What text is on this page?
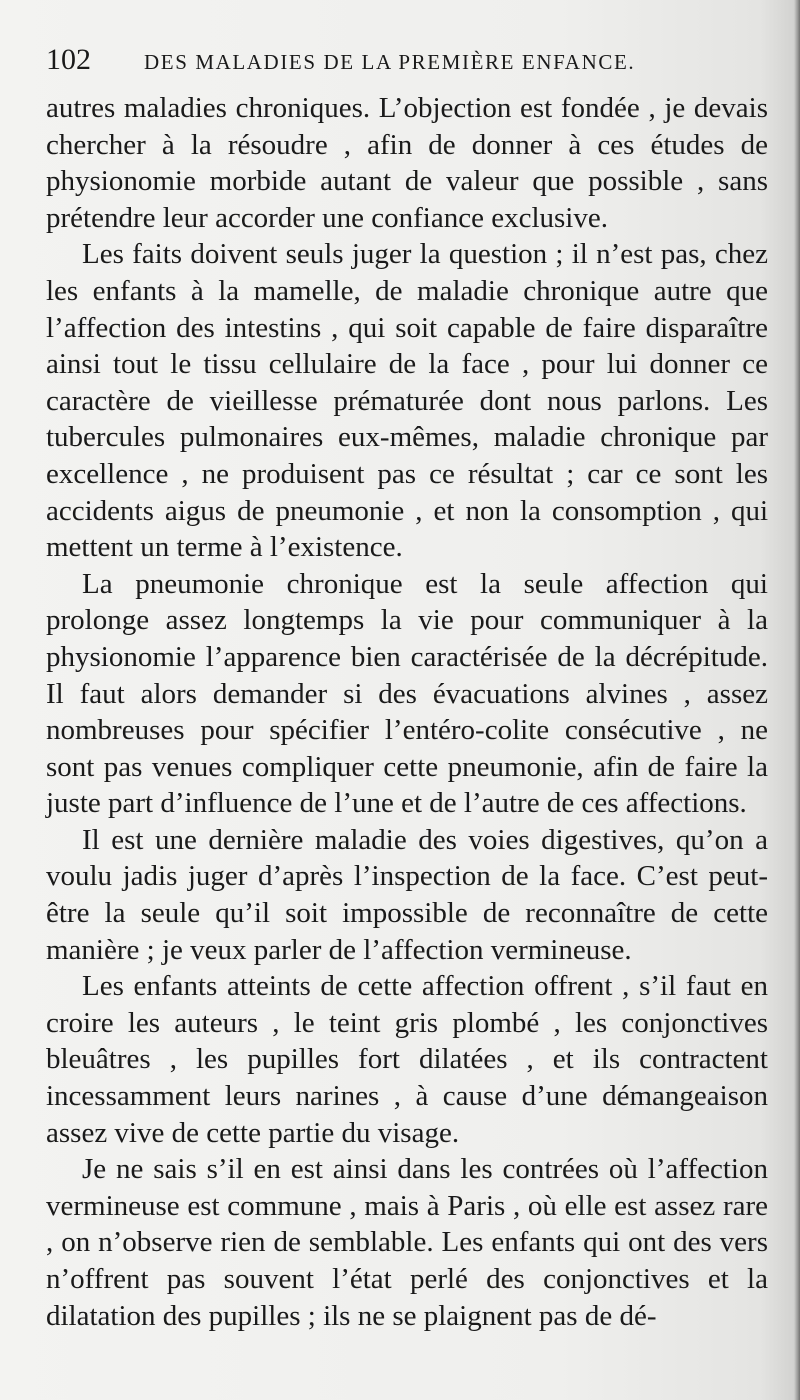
102	DES MALADIES DE LA PREMIÈRE ENFANCE.

autres maladies chroniques. L’objection est fondée , je devais chercher à la résoudre , afin de donner à ces études de physionomie morbide autant de valeur que possible , sans prétendre leur accorder une confiance exclusive.

Les faits doivent seuls juger la question ; il n’est pas, chez les enfants à la mamelle, de maladie chronique autre que l’affection des intestins , qui soit capable de faire disparaître ainsi tout le tissu cellulaire de la face , pour lui donner ce caractère de vieillesse prématurée dont nous parlons. Les tubercules pulmonaires eux-mêmes, maladie chronique par excellence , ne produisent pas ce résultat ; car ce sont les accidents aigus de pneumonie , et non la consomption , qui mettent un terme à l’existence.

La pneumonie chronique est la seule affection qui prolonge assez longtemps la vie pour communiquer à la physionomie l’apparence bien caractérisée de la décrépitude. Il faut alors demander si des évacuations alvines , assez nombreuses pour spécifier l’entéro-colite consécutive , ne sont pas venues compliquer cette pneumonie, afin de faire la juste part d’influence de l’une et de l’autre de ces affections.

Il est une dernière maladie des voies digestives, qu’on a voulu jadis juger d’après l’inspection de la face. C’est peut-être la seule qu’il soit impossible de reconnaître de cette manière ; je veux parler de l’affection vermineuse.

Les enfants atteints de cette affection offrent , s’il faut en croire les auteurs , le teint gris plombé , les conjonctives bleuâtres , les pupilles fort dilatées , et ils contractent incessamment leurs narines , à cause d’une démangeaison assez vive de cette partie du visage.

Je ne sais s’il en est ainsi dans les contrées où l’affection vermineuse est commune , mais à Paris , où elle est assez rare , on n’observe rien de semblable. Les enfants qui ont des vers n’offrent pas souvent l’état perlé des conjonctives et la dilatation des pupilles ; ils ne se plaignent pas de dé-
